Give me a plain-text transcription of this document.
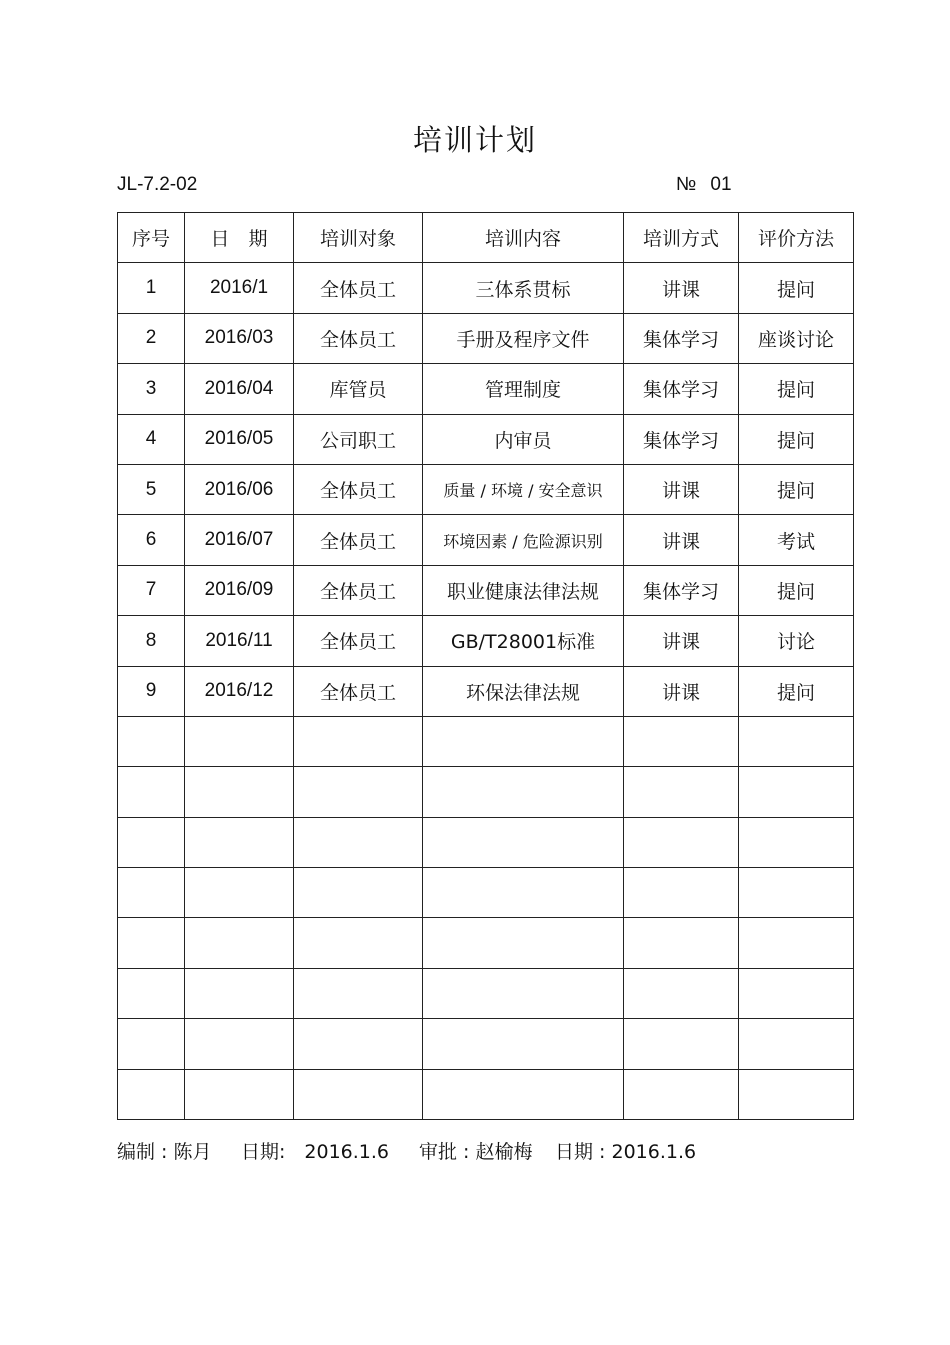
培训计划
JL-7.2-02	№ 01
序号	日　期	培训对象	培训内容	培训方式	评价方法
1	2016/1	全体员工	三体系贯标	讲课	提问
2	2016/03	全体员工	手册及程序文件	集体学习	座谈讨论
3	2016/04	库管员	管理制度	集体学习	提问
4	2016/05	公司职工	内审员	集体学习	提问
5	2016/06	全体员工	质量 / 环境 / 安全意识	讲课	提问
6	2016/07	全体员工	环境因素 / 危险源识别	讲课	考试
7	2016/09	全体员工	职业健康法律法规	集体学习	提问
8	2016/11	全体员工	GB/T28001标准	讲课	讨论
9	2016/12	全体员工	环保法律法规	讲课	提问

编制 : 陈月 日期:　2016.1.6 审批 : 赵榆梅 日期 : 2016.1.6
